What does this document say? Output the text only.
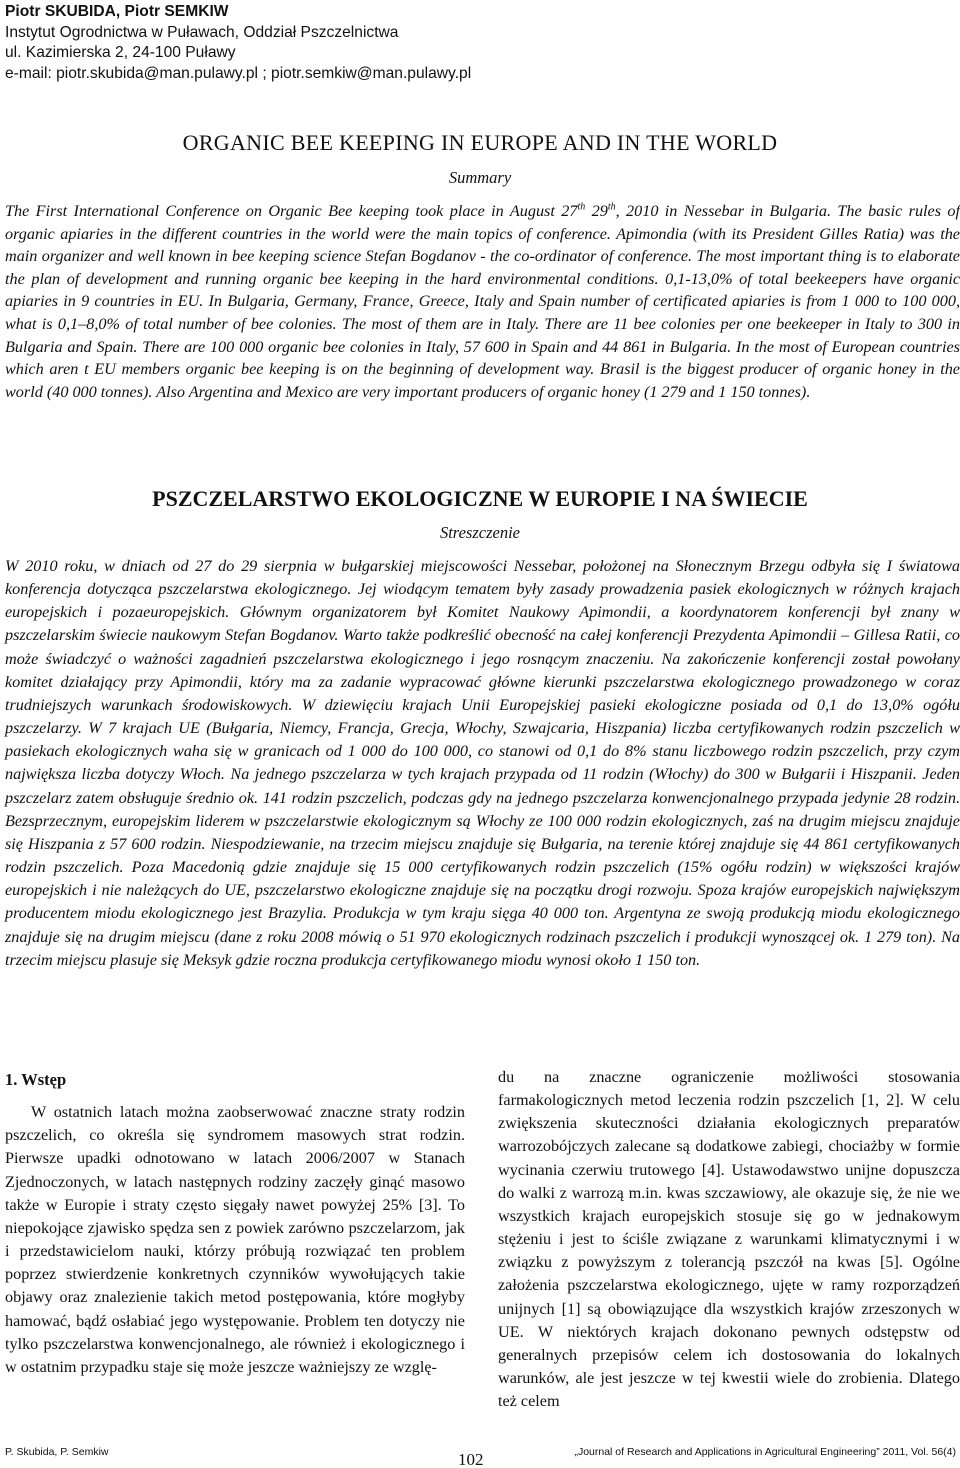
Piotr SKUBIDA, Piotr SEMKIW
Instytut Ogrodnictwa w Puławach, Oddział Pszczelnictwa
ul. Kazimierska 2, 24-100 Puławy
e-mail: piotr.skubida@man.pulawy.pl ; piotr.semkiw@man.pulawy.pl
ORGANIC BEE KEEPING IN EUROPE AND IN THE WORLD
Summary
The First International Conference on Organic Bee keeping took place in August 27th 29th, 2010 in Nessebar in Bulgaria. The basic rules of organic apiaries in the different countries in the world were the main topics of conference. Apimondia (with its President Gilles Ratia) was the main organizer and well known in bee keeping science Stefan Bogdanov - the co-ordinator of conference. The most important thing is to elaborate the plan of development and running organic bee keeping in the hard environmental conditions. 0,1-13,0% of total beekeepers have organic apiaries in 9 countries in EU. In Bulgaria, Germany, France, Greece, Italy and Spain number of certificated apiaries is from 1 000 to 100 000, what is 0,1–8,0% of total number of bee colonies. The most of them are in Italy. There are 11 bee colonies per one beekeeper in Italy to 300 in Bulgaria and Spain. There are 100 000 organic bee colonies in Italy, 57 600 in Spain and 44 861 in Bulgaria. In the most of European countries which aren t EU members organic bee keeping is on the beginning of development way. Brasil is the biggest producer of organic honey in the world (40 000 tonnes). Also Argentina and Mexico are very important producers of organic honey (1 279 and 1 150 tonnes).
PSZCZELARSTWO EKOLOGICZNE W EUROPIE I NA ŚWIECIE
Streszczenie
W 2010 roku, w dniach od 27 do 29 sierpnia w bułgarskiej miejscowości Nessebar, położonej na Słonecznym Brzegu odbyła się I światowa konferencja dotycząca pszczelarstwa ekologicznego. Jej wiodącym tematem były zasady prowadzenia pasiek ekologicznych w różnych krajach europejskich i pozaeuropejskich. Głównym organizatorem był Komitet Naukowy Apimondii, a koordynatorem konferencji był znany w pszczelarskim świecie naukowym Stefan Bogdanov. Warto także podkreślić obecność na całej konferencji Prezydenta Apimondii – Gillesa Ratii, co może świadczyć o ważności zagadnień pszczelarstwa ekologicznego i jego rosnącym znaczeniu. Na zakończenie konferencji został powołany komitet działający przy Apimondii, który ma za zadanie wypracować główne kierunki pszczelarstwa ekologicznego prowadzonego w coraz trudniejszych warunkach środowiskowych. W dziewięciu krajach Unii Europejskiej pasieki ekologiczne posiada od 0,1 do 13,0% ogółu pszczelarzy. W 7 krajach UE (Bułgaria, Niemcy, Francja, Grecja, Włochy, Szwajcaria, Hiszpania) liczba certyfikowanych rodzin pszczelich w pasiekach ekologicznych waha się w granicach od 1 000 do 100 000, co stanowi od 0,1 do 8% stanu liczbowego rodzin pszczelich, przy czym największa liczba dotyczy Włoch. Na jednego pszczelarza w tych krajach przypada od 11 rodzin (Włochy) do 300 w Bułgarii i Hiszpanii. Jeden pszczelarz zatem obsługuje średnio ok. 141 rodzin pszczelich, podczas gdy na jednego pszczelarza konwencjonalnego przypada jedynie 28 rodzin. Bezsprzecznym, europejskim liderem w pszczelarstwie ekologicznym są Włochy ze 100 000 rodzin ekologicznych, zaś na drugim miejscu znajduje się Hiszpania z 57 600 rodzin. Niespodziewanie, na trzecim miejscu znajduje się Bułgaria, na terenie której znajduje się 44 861 certyfikowanych rodzin pszczelich. Poza Macedonią gdzie znajduje się 15 000 certyfikowanych rodzin pszczelich (15% ogółu rodzin) w większości krajów europejskich i nie należących do UE, pszczelarstwo ekologiczne znajduje się na początku drogi rozwoju. Spoza krajów europejskich największym producentem miodu ekologicznego jest Brazylia. Produkcja w tym kraju sięga 40 000 ton. Argentyna ze swoją produkcją miodu ekologicznego znajduje się na drugim miejscu (dane z roku 2008 mówią o 51 970 ekologicznych rodzinach pszczelich i produkcji wynoszącej ok. 1 279 ton). Na trzecim miejscu plasuje się Meksyk gdzie roczna produkcja certyfikowanego miodu wynosi około 1 150 ton.
1. Wstęp
W ostatnich latach można zaobserwować znaczne straty rodzin pszczelich, co określa się syndromem masowych strat rodzin. Pierwsze upadki odnotowano w latach 2006/2007 w Stanach Zjednoczonych, w latach następnych rodziny zaczęły ginąć masowo także w Europie i straty często sięgały nawet powyżej 25% [3]. To niepokojące zjawisko spędza sen z powiek zarówno pszczelarzom, jak i przedstawicielom nauki, którzy próbują rozwiązać ten problem poprzez stwierdzenie konkretnych czynników wywołujących takie objawy oraz znalezienie takich metod postępowania, które mogłyby hamować, bądź osłabiać jego występowanie. Problem ten dotyczy nie tylko pszczelarstwa konwencjonalnego, ale również i ekologicznego i w ostatnim przypadku staje się może jeszcze ważniejszy ze wzglę-
du na znaczne ograniczenie możliwości stosowania farmakologicznych metod leczenia rodzin pszczelich [1, 2]. W celu zwiększenia skuteczności działania ekologicznych preparatów warrozobójczych zalecane są dodatkowe zabiegi, chociażby w formie wycinania czerwiu trutowego [4]. Ustawodawstwo unijne dopuszcza do walki z warrozą m.in. kwas szczawiowy, ale okazuje się, że nie we wszystkich krajach europejskich stosuje się go w jednakowym stężeniu i jest to ściśle związane z warunkami klimatycznymi i w związku z powyższym z tolerancją pszczół na kwas [5]. Ogólne założenia pszczelarstwa ekologicznego, ujęte w ramy rozporządzeń unijnych [1] są obowiązujące dla wszystkich krajów zrzeszonych w UE. W niektórych krajach dokonano pewnych odstępstw od generalnych przepisów celem ich dostosowania do lokalnych warunków, ale jest jeszcze w tej kwestii wiele do zrobienia. Dlatego też celem
P. Skubida, P. Semkiw	102	„Journal of Research and Applications in Agricultural Engineering” 2011, Vol. 56(4)
